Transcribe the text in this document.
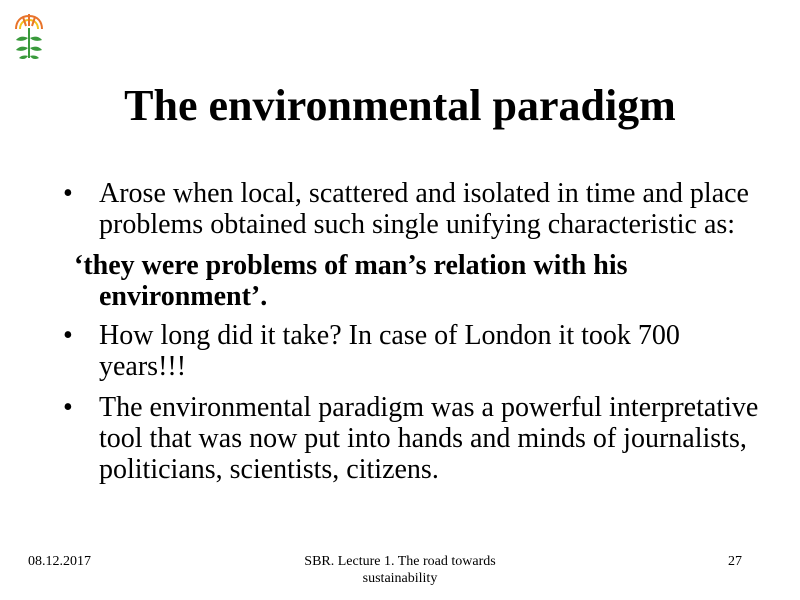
The environmental paradigm

• Arose when local, scattered and isolated in time and place problems obtained such single unifying characteristic as:

‘they were problems of man’s relation with his environment’.

• How long did it take? In case of London it took 700 years!!!

• The environmental paradigm was a powerful interpretative tool that was now put into hands and minds of journalists, politicians, scientists, citizens.

08.12.2017	SBR. Lecture 1. The road towards sustainability
27
